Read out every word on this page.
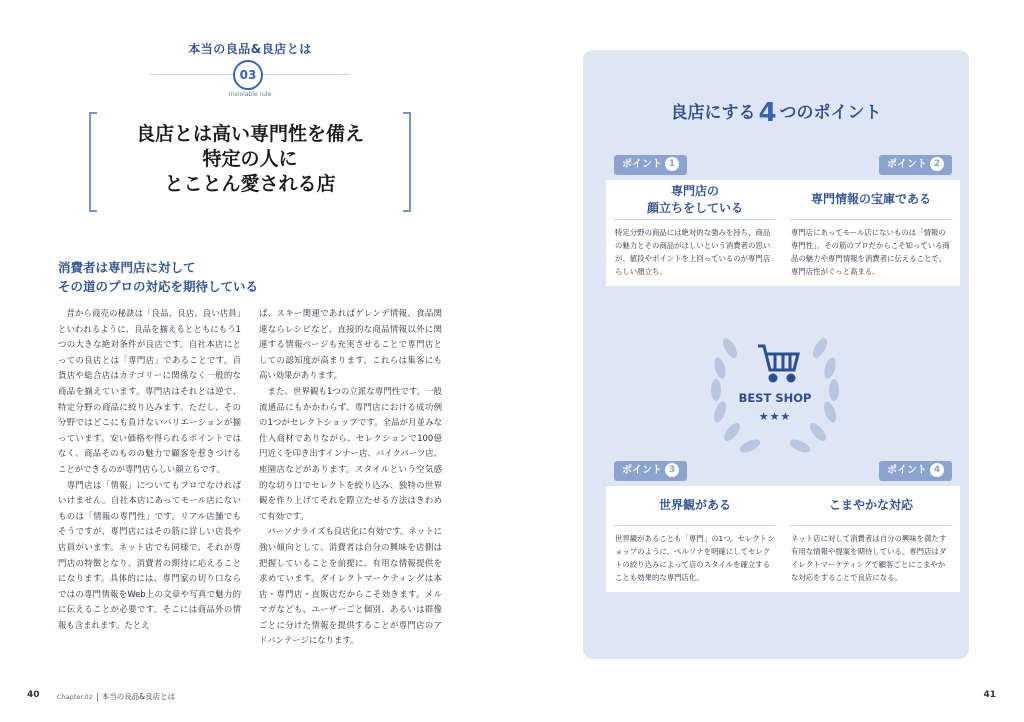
本当の良品&良店とは
03
Inviolable rule
良店とは高い専門性を備え
特定の人に
とことん愛される店
消費者は専門店に対して
その道のプロの対応を期待している
　昔から商売の秘訣は「良品、良店、良い店員」といわれるように、良品を揃えるとともにもう1つの大きな絶対条件が良店です。自社本店にとっての良店とは「専門店」であることです。百貨店や総合店はカテゴリーに関係なく一般的な商品を揃えています。専門店はそれとは逆で、特定分野の商品に絞り込みます。ただし、その分野ではどこにも負けないバリエーションが揃っています。安い価格や得られるポイントではなく、商品そのものの魅力で顧客を惹きつけることができるのが専門店らしい顔立ちです。
　専門店は「情報」についてもプロでなければいけません。自社本店にあってモール店にないものは「情報の専門性」です。リアル店舗でもそうですが、専門店にはその筋に詳しい店長や店員がいます。ネット店でも同様で、それが専門店の特徴となり、消費者の期待に応えることになります。具体的には、専門家の切り口ならではの専門情報をWeb上の文章や写真で魅力的に伝えることが必要です。そこには商品外の情報も含まれます。たとえ
ば、スキー関連であればゲレンデ情報、食品関連ならレシピなど、直接的な商品情報以外に関連する情報ページも充実させることで専門店としての認知度が高まります。これらは集客にも高い効果があります。
　また、世界観も1つの立派な専門性です。一般流通品にもかかわらず、専門店における成功例の1つがセレクトショップです。全品が月並みな仕入商材でありながら、セレクションで100億円近くを印き出すインナー店、バイクパーツ店、座園店などがあります。スタイルという空気感的な切り口でセレクトを絞り込み、独特の世界観を作り上げてそれを際立たせる方法はきわめて有効です。
　パーソナライズも良店化に有効です。ネットに強い傾向として、消費者は自分の興味を店側は把握していることを前提に、有用な情報提供を求めています。ダイレクトマーケティングは本店・専門店・直販店だからこそ効きます。メルマガなども、ユーザーごと個別、あるいは群像ごとに分けた情報を提供することが専門店のアドバンテージになります。
40	Chapter.02 本当の良品&良店とは
良店にする 4 つのポイント
ポイント 1
専門店の
顔立ちをしている
特定分野の商品には絶対的な強みを持ち、商品の魅力とその商品がほしいという消費者の思いが、値段やポイントを上回っているのが専門店らしい顔立ち。
ポイント 2
専門情報の宝庫である
専門店にあってモール店にないものは「情報の専門性」。その筋のプロだからこそ知っている商品の魅力や専門情報を消費者に伝えることで、専門店性がぐっと高まる。
BEST SHOP
★★★
ポイント 3
世界観がある
世界観があることも「専門」の1つ。セレクトショップのように、ペルソナを明確にしてセレクトの絞り込みによって店のスタイルを確立することも効果的な専門店化。
ポイント 4
こまやかな対応
ネット店に対して消費者は自分の興味を満たす有用な情報や提案を期待している。専門店はダイレクトマーケティングで顧客ごとにこまやかな対応をすることで良店になる。
41
